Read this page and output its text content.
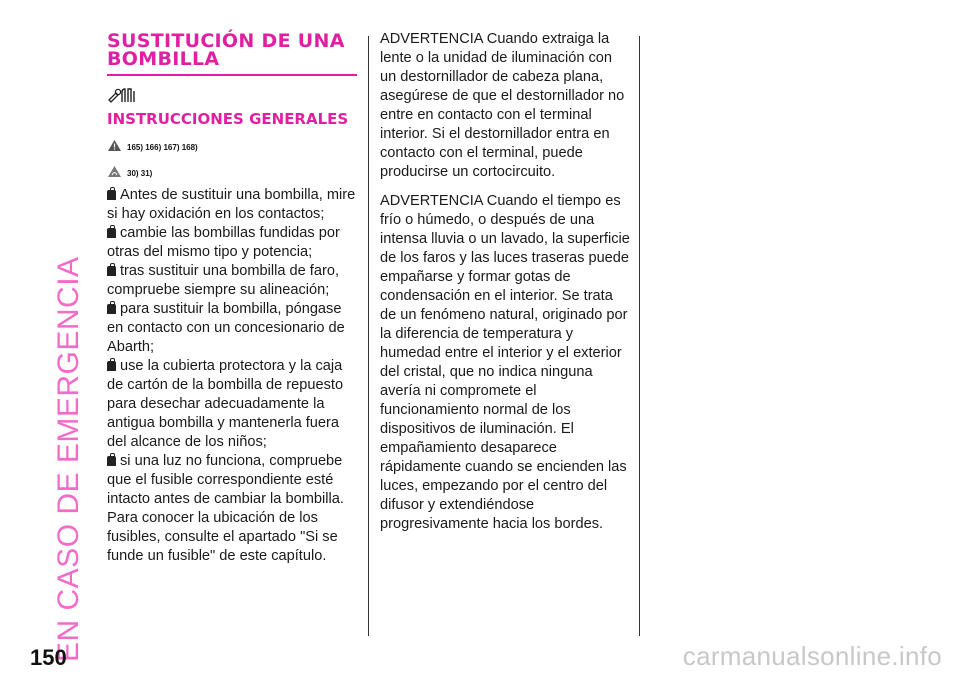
EN CASO DE EMERGENCIA
150
SUSTITUCIÓN DE UNA BOMBILLA
INSTRUCCIONES GENERALES
165) 166) 167) 168)
30) 31)

Antes de sustituir una bombilla, mire si hay oxidación en los contactos;

cambie las bombillas fundidas por otras del mismo tipo y potencia;

tras sustituir una bombilla de faro, compruebe siempre su alineación;

para sustituir la bombilla, póngase en contacto con un concesionario de Abarth;

use la cubierta protectora y la caja de cartón de la bombilla de repuesto para desechar adecuadamente la antigua bombilla y mantenerla fuera del alcance de los niños;

si una luz no funciona, compruebe que el fusible correspondiente esté intacto antes de cambiar la bombilla. Para conocer la ubicación de los fusibles, consulte el apartado "Si se funde un fusible" de este capítulo.

ADVERTENCIA Cuando extraiga la lente o la unidad de iluminación con un destornillador de cabeza plana, asegúrese de que el destornillador no entre en contacto con el terminal interior. Si el destornillador entra en contacto con el terminal, puede producirse un cortocircuito.

ADVERTENCIA Cuando el tiempo es frío o húmedo, o después de una intensa lluvia o un lavado, la superficie de los faros y las luces traseras puede empañarse y formar gotas de condensación en el interior. Se trata de un fenómeno natural, originado por la diferencia de temperatura y humedad entre el interior y el exterior del cristal, que no indica ninguna avería ni compromete el funcionamiento normal de los dispositivos de iluminación. El empañamiento desaparece rápidamente cuando se encienden las luces, empezando por el centro del difusor y extendiéndose progresivamente hacia los bordes.

carmanualsonline.info
